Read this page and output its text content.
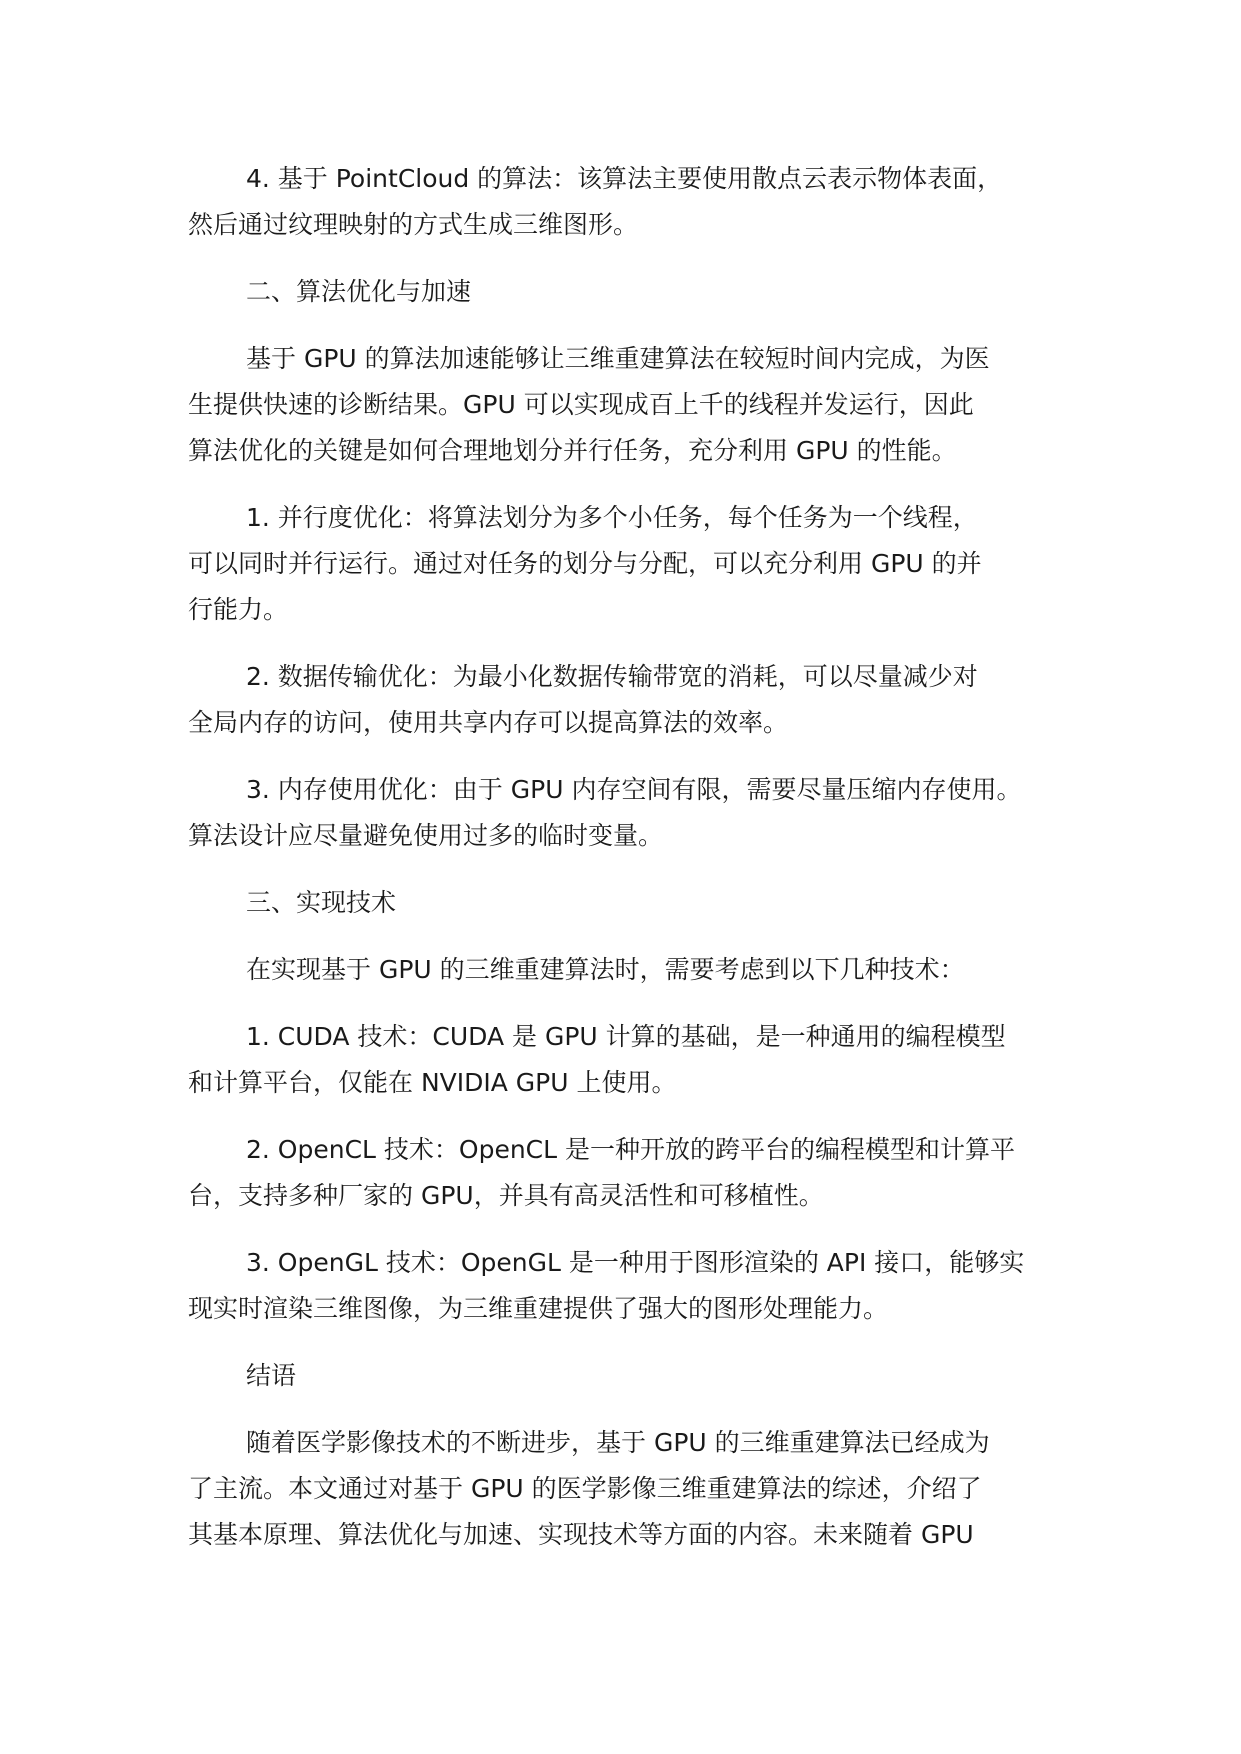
4. 基于 PointCloud 的算法：该算法主要使用散点云表示物体表面，
然后通过纹理映射的方式生成三维图形。

二、算法优化与加速

基于 GPU 的算法加速能够让三维重建算法在较短时间内完成，为医
生提供快速的诊断结果。GPU 可以实现成百上千的线程并发运行，因此
算法优化的关键是如何合理地划分并行任务，充分利用 GPU 的性能。

1. 并行度优化：将算法划分为多个小任务，每个任务为一个线程，
可以同时并行运行。通过对任务的划分与分配，可以充分利用 GPU 的并
行能力。

2. 数据传输优化：为最小化数据传输带宽的消耗，可以尽量减少对
全局内存的访问，使用共享内存可以提高算法的效率。

3. 内存使用优化：由于 GPU 内存空间有限，需要尽量压缩内存使用。
算法设计应尽量避免使用过多的临时变量。

三、实现技术

在实现基于 GPU 的三维重建算法时，需要考虑到以下几种技术：

1. CUDA 技术：CUDA 是 GPU 计算的基础，是一种通用的编程模型
和计算平台，仅能在 NVIDIA GPU 上使用。

2. OpenCL 技术：OpenCL 是一种开放的跨平台的编程模型和计算平
台，支持多种厂家的 GPU，并具有高灵活性和可移植性。

3. OpenGL 技术：OpenGL 是一种用于图形渲染的 API 接口，能够实
现实时渲染三维图像，为三维重建提供了强大的图形处理能力。

结语

随着医学影像技术的不断进步，基于 GPU 的三维重建算法已经成为
了主流。本文通过对基于 GPU 的医学影像三维重建算法的综述，介绍了
其基本原理、算法优化与加速、实现技术等方面的内容。未来随着 GPU
